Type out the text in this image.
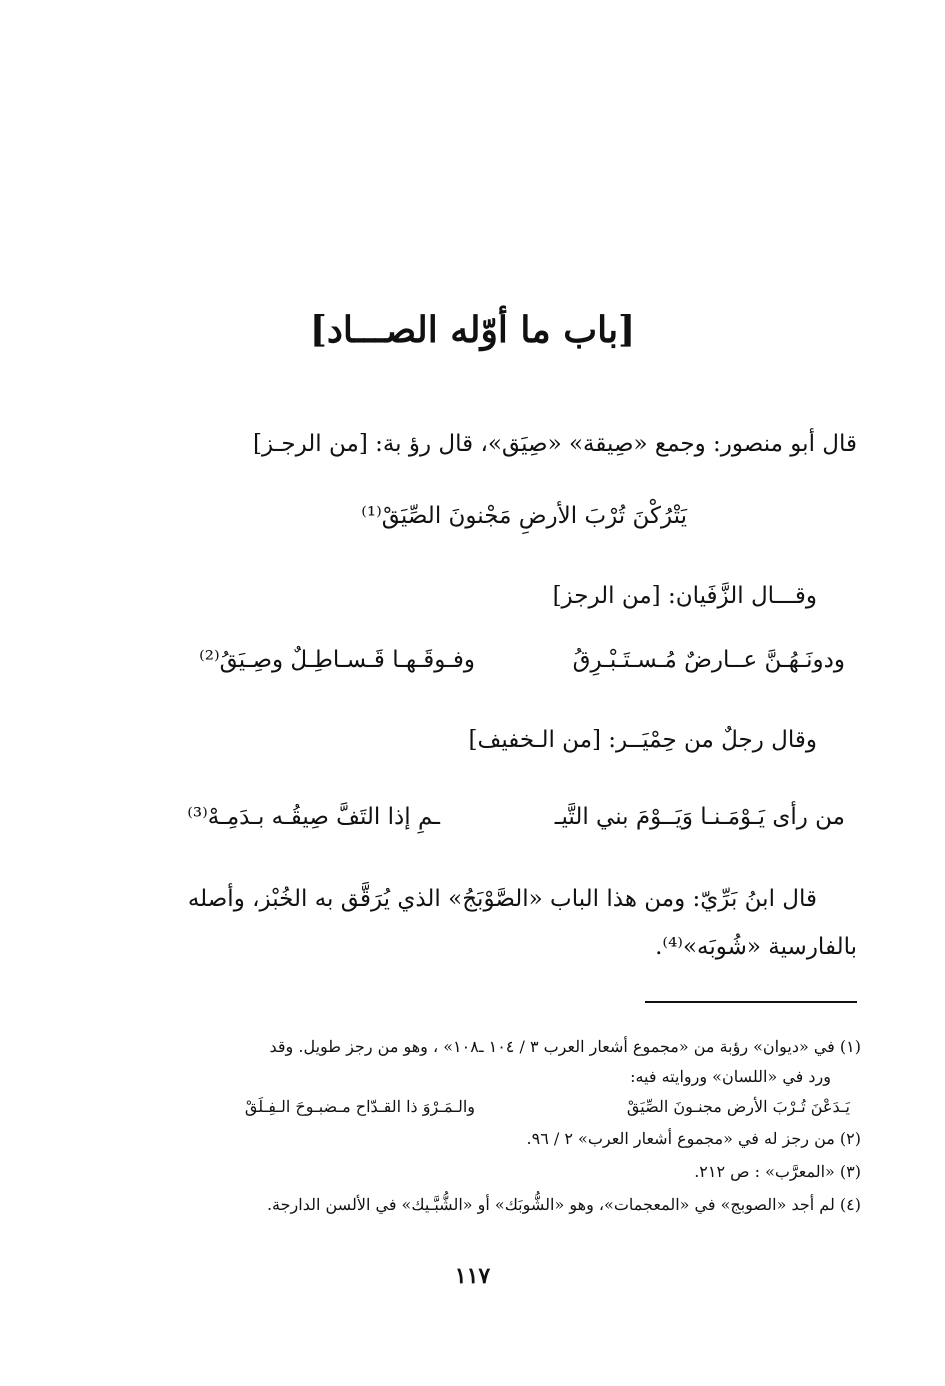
[باب ما أوّله الصـــاد]
قال أبو منصور: وجمع «صِيقة» «صِيَق»، قال رؤ بة: [من الرجـز]
يَتْرُكْنَ تُرْبَ الأرضِ مَجْنونَ الصِّيَقْ⁽¹⁾
وقـــال الزَّفَيان: [من الرجز]
ودونَـهُـنَّ عــارضٌ مُـسـتَـبْـرِقُ
وفـوقَـهـا قَـسـاطِـلٌ وصِـيَقُ⁽²⁾
وقال رجلٌ من حِمْيَــر: [من الـخفيف]
من رأى يَـوْمَـنـا وَيَــوْمَ بني التَّيـ
ـمِ إذا التَفَّ صِيقُـه بـدَمِـهْ⁽³⁾
قال ابنُ بَرِّيّ: ومن هذا الباب «الصَّوْبَجُ» الذي يُرَقَّق به الخُبْز، وأصله
بالفارسية «شُوبَه»⁽⁴⁾.
(١) في «ديوان» رؤبة من «مجموع أشعار العرب ٣ / ١٠٤ ـ١٠٨» ، وهو من رجز طويل. وقد
ورد في «اللسان» وروايته فيه:
يَـدَعْنَ تُـرْبَ الأرض مجنـونَ الصِّيَقْ
والـمَـرْوَ ذا القـدّاح مـضبـوحَ الـفِـلَقْ
(٢) من رجز له في «مجموع أشعار العرب» ٢ / ٩٦.
(٣) «المعرَّب» : ص ٢١٢.
(٤) لم أجد «الصوبج» في «المعجمات»، وهو «الشُّوبَك» أو «الشُّبَّـيك» في الألسن الدارجة.
١١٧
